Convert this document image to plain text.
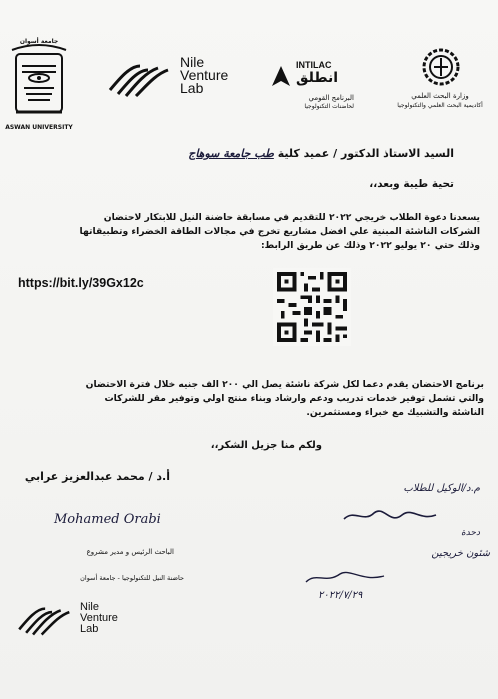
جامعة أسوان
ASWAN UNIVERSITY
Nile
Venture
Lab
INTILAC
انطلق
البرنامج القومي
لحاضنات التكنولوجيا
وزارة البحث العلمي
أكاديمية البحث العلمي والتكنولوجيا
السيد الاستاذ الدكتور / عميد كلية طب جامعة سوهاج
تحية طيبة وبعد،،
يسعدنا دعوة الطلاب خريجي ٢٠٢٢ للتقديم في مسابقة حاضنة النيل للابتكار لاحتضان
الشركات الناشئة المبنية علي افضل مشاريع تخرج في مجالات الطاقة الخضراء وتطبيقاتها
وذلك حتي ٢٠ يوليو ٢٠٢٢ وذلك عن طريق الرابط:
https://bit.ly/39Gx12c
برنامج الاحتضان يقدم دعما لكل شركة ناشئة يصل الي ٢٠٠ الف جنيه خلال فترة الاحتضان
والتي تشمل توفير خدمات تدريب ودعم وارشاد وبناء منتج اولي وتوفير مقر للشركات
الناشئة والتشبيك مع خبراء ومستثمرين.
ولكم منا جزيل الشكر،،
أ.د / محمد عبدالعزيز عرابي
Mohamed Orabi
الباحث الرئيس و مدير مشروع
حاضنة النيل للتكنولوجيا - جامعة أسوان
م.د/الوكيل للطلاب
دحدة
شئون خريجين
٢٠٢٢/٧/٢٩
Nile
Venture
Lab
